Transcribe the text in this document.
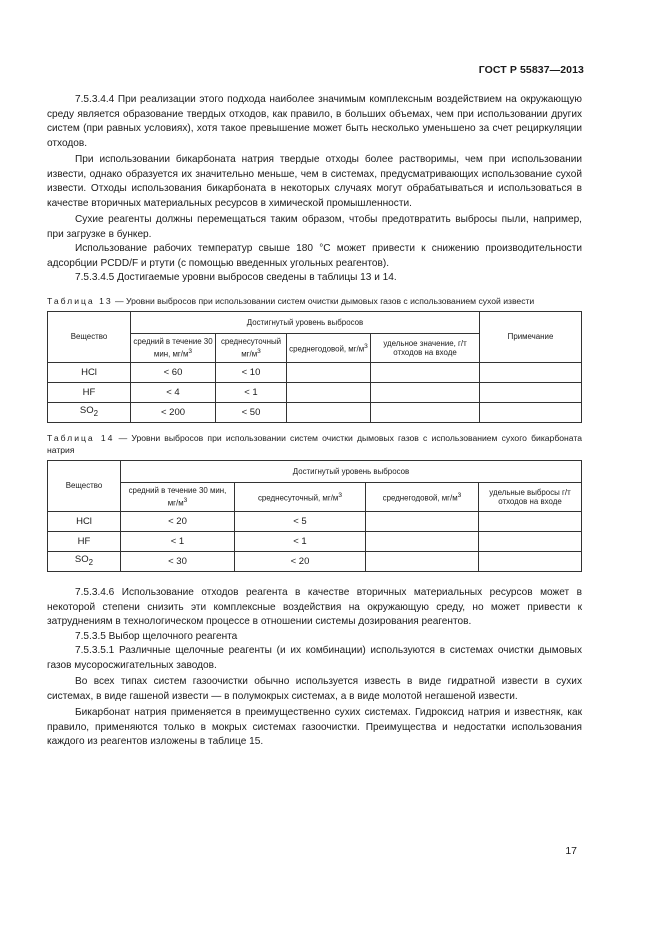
ГОСТ Р 55837—2013

7.5.3.4.4 При реализации этого подхода наиболее значимым комплексным воздействием на окружающую среду является образование твердых отходов, как правило, в больших объемах, чем при использовании других систем (при равных условиях), хотя такое превышение может быть несколько уменьшено за счет рециркуляции отходов.

При использовании бикарбоната натрия твердые отходы более растворимы, чем при использовании извести, однако образуется их значительно меньше, чем в системах, предусматривающих использование сухой извести. Отходы использования бикарбоната в некоторых случаях могут обрабатываться и использоваться в качестве вторичных материальных ресурсов в химической промышленности.

Сухие реагенты должны перемещаться таким образом, чтобы предотвратить выбросы пыли, например, при загрузке в бункер.

Использование рабочих температур свыше 180 °С может привести к снижению производительности адсорбции PCDD/F и ртути (с помощью введенных угольных реагентов).

7.5.3.4.5 Достигаемые уровни выбросов сведены в таблицы 13 и 14.

Таблица 13 — Уровни выбросов при использовании систем очистки дымовых газов с использованием сухой извести
Вещество	Достигнутый уровень выбросов				Примечание
	средний в течение 30 мин, $мг/м^3$	среднесуточный $мг/м^3$	среднегодовой, $мг/м^3$	удельное значение, г/т отходов на входе	
HCl	< 60	< 10			
HF	< 4	< 1			
$SO_2$	< 200	< 50			
Таблица 14 — Уровни выбросов при использовании систем очистки дымовых газов с использованием сухого бикарбоната натрия
Вещество	Достигнутый уровень выбросов			
	средний в течение 30 мин, $мг/м^3$	среднесуточный, $мг/м^3$	среднегодовой, $мг/м^3$	удельные выбросы г/т отходов на входе
HCl	< 20	< 5		
HF	< 1	< 1		
$SO_2$	< 30	< 20		

7.5.3.4.6 Использование отходов реагента в качестве вторичных материальных ресурсов может в некоторой степени снизить эти комплексные воздействия на окружающую среду, но может привести к затруднениям в технологическом процессе в отношении системы дозирования реагентов.

7.5.3.5 Выбор щелочного реагента

7.5.3.5.1 Различные щелочные реагенты (и их комбинации) используются в системах очистки дымовых газов мусоросжигательных заводов.

Во всех типах систем газоочистки обычно используется известь в виде гидратной извести в сухих системах, в виде гашеной извести — в полумокрых системах, а в виде молотой негашеной извести.

Бикарбонат натрия применяется в преимущественно сухих системах. Гидроксид натрия и известняк, как правило, применяются только в мокрых системах газоочистки. Преимущества и недостатки использования каждого из реагентов изложены в таблице 15.

17
